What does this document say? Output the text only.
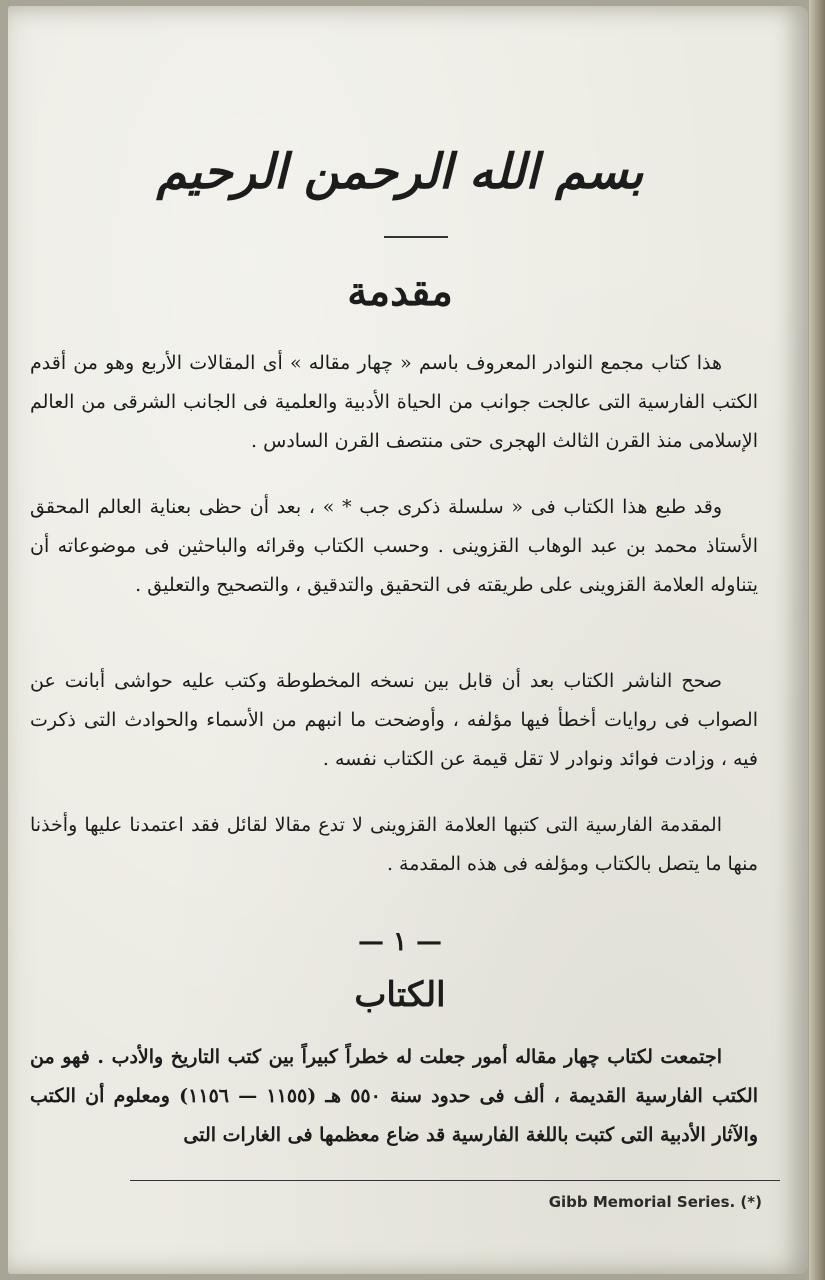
بسم الله الرحمن الرحيم
مقدمة

هذا كتاب مجمع النوادر المعروف باسم « چهار مقاله » أى المقالات الأربع وهو من أقدم الكتب الفارسية التى عالجت جوانب من الحياة الأدبية والعلمية فى الجانب الشرقى من العالم الإسلامى منذ القرن الثالث الهجرى حتى منتصف القرن السادس .

وقد طبع هذا الكتاب فى « سلسلة ذكرى جب * » ، بعد أن حظى بعناية العالم المحقق الأستاذ محمد بن عبد الوهاب القزوينى . وحسب الكتاب وقرائه والباحثين فى موضوعاته أن يتناوله العلامة القزوينى على طريقته فى التحقيق والتدقيق ، والتصحيح والتعليق .

صحح الناشر الكتاب بعد أن قابل بين نسخه المخطوطة وكتب عليه حواشى أبانت عن الصواب فى روايات أخطأ فيها مؤلفه ، وأوضحت ما انبهم من الأسماء والحوادث التى ذكرت فيه ، وزادت فوائد ونوادر لا تقل قيمة عن الكتاب نفسه .

المقدمة الفارسية التى كتبها العلامة القزوينى لا تدع مقالا لقائل فقد اعتمدنا عليها وأخذنا منها ما يتصل بالكتاب ومؤلفه فى هذه المقدمة .

— ١ —
الكتاب

اجتمعت لكتاب چهار مقاله أمور جعلت له خطراً كبيراً بين كتب التاريخ والأدب . فهو من الكتب الفارسية القديمة ، ألف فى حدود سنة ٥٥٠ هـ (١١٥٥ — ١١٥٦) ومعلوم أن الكتب والآثار الأدبية التى كتبت باللغة الفارسية قد ضاع معظمها فى الغارات التى

Gibb Memorial Series. (*)
